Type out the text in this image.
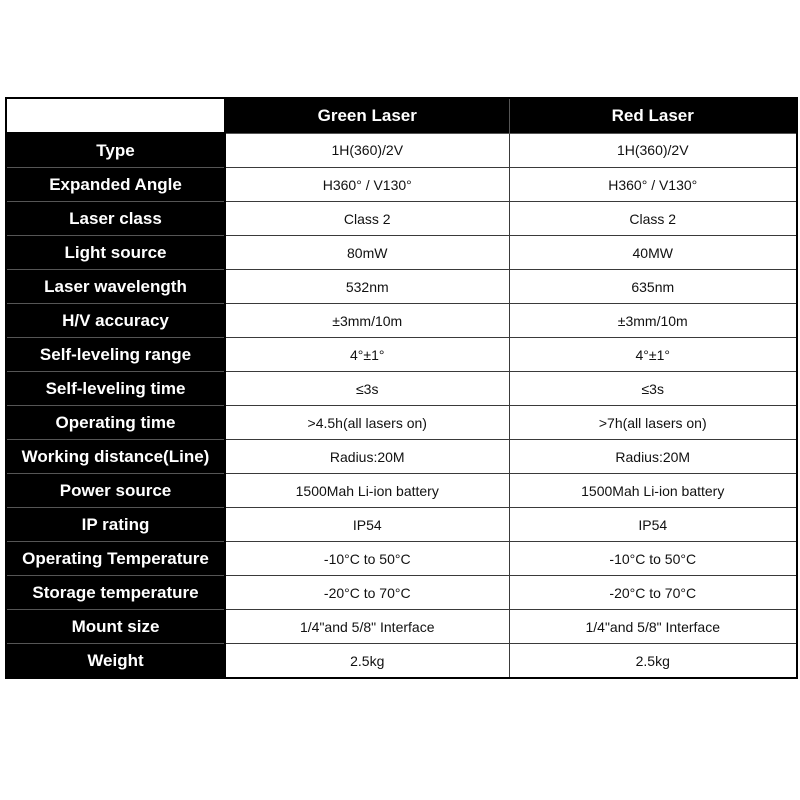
	Green Laser	Red Laser
Type	1H(360)/2V	1H(360)/2V
Expanded Angle	H360° / V130°	H360° / V130°
Laser class	Class 2	Class 2
Light source	80mW	40MW
Laser wavelength	532nm	635nm
H/V accuracy	±3mm/10m	±3mm/10m
Self-leveling range	4°±1°	4°±1°
Self-leveling time	≤3s	≤3s
Operating time	>4.5h(all lasers on)	>7h(all lasers on)
Working distance(Line)	Radius:20M	Radius:20M
Power source	1500Mah Li-ion battery	1500Mah Li-ion battery
IP rating	IP54	IP54
Operating Temperature	-10°C to 50°C	-10°C to 50°C
Storage temperature	-20°C to 70°C	-20°C to 70°C
Mount size	1/4"and 5/8" Interface	1/4"and 5/8" Interface
Weight	2.5kg	2.5kg
